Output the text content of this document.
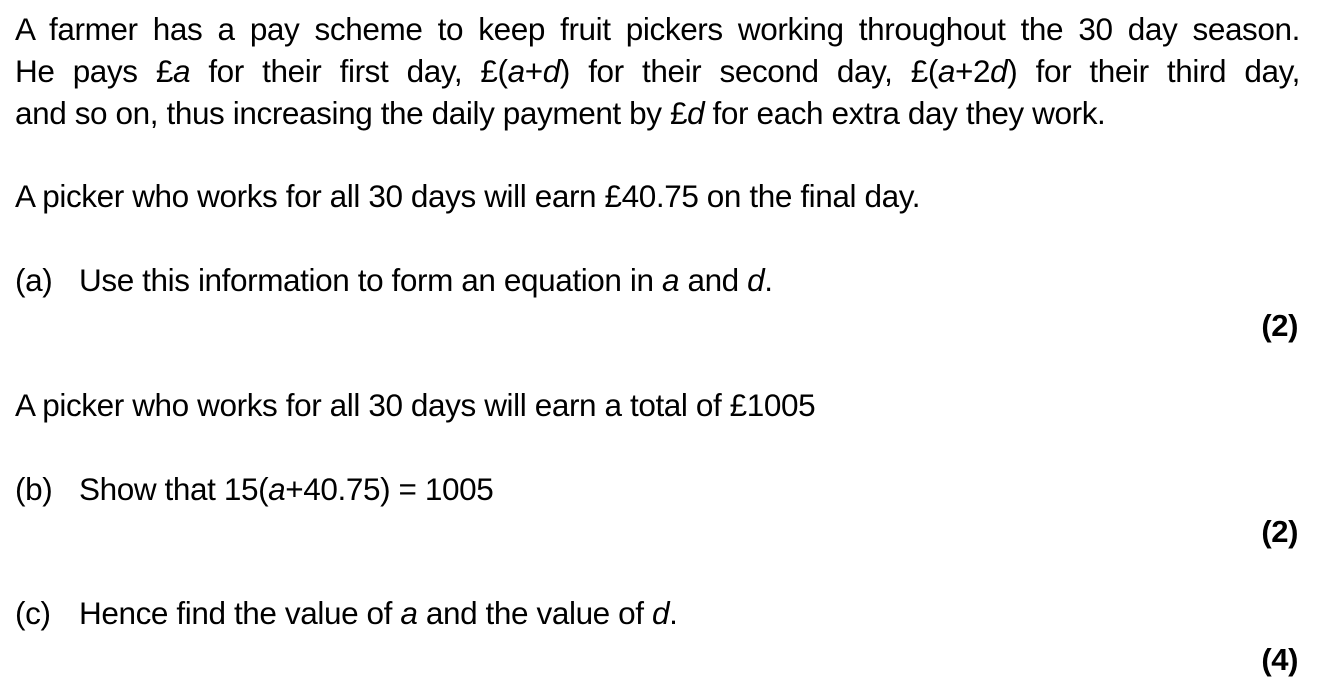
A farmer has a pay scheme to keep fruit pickers working throughout the 30 day season.
He pays £a for their first day, £(a+d) for their second day, £(a+2d) for their third day,
and so on, thus increasing the daily payment by £d for each extra day they work.
A picker who works for all 30 days will earn £40.75 on the final day.
(a) Use this information to form an equation in a and d.
(2)
A picker who works for all 30 days will earn a total of £1005
(b) Show that 15(a+40.75) = 1005
(2)
(c) Hence find the value of a and the value of d.
(4)
